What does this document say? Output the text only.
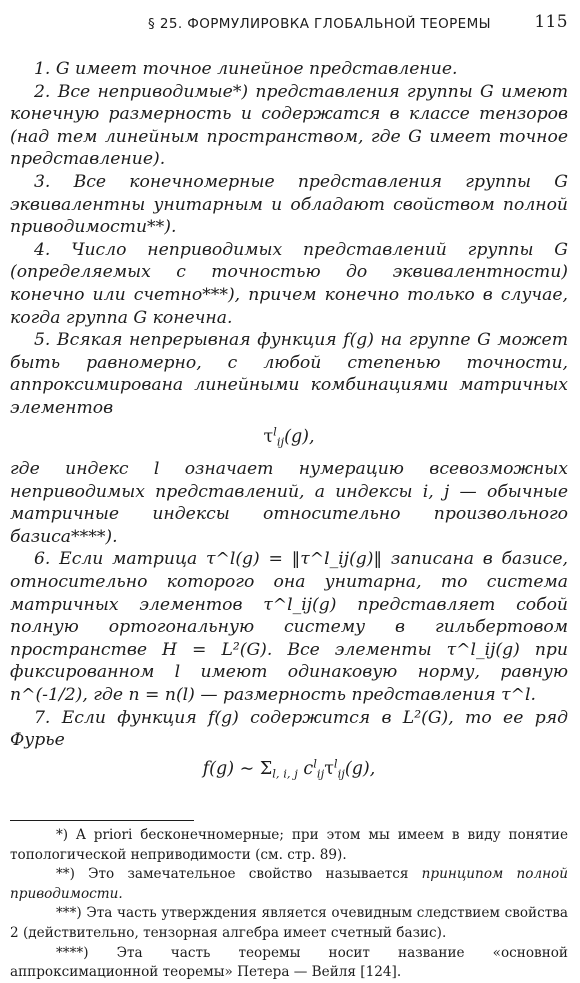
§ 25. ФОРМУЛИРОВКА ГЛОБАЛЬНОЙ ТЕОРЕМЫ	115

1. G имеет точное линейное представление.

2. Все неприводимые*) представления группы G имеют конечную размерность и содержатся в классе тензоров (над тем линейным пространством, где G имеет точное представление).

3. Все конечномерные представления группы G эквивалентны унитарным и обладают свойством полной приводимости**).

4. Число неприводимых представлений группы G (определяемых с точностью до эквивалентности) конечно или счетно***), причем конечно только в случае, когда группа G конечна.

5. Всякая непрерывная функция f(g) на группе G может быть равномерно, с любой степенью точности, аппроксимирована линейными комбинациями матричных элементов

$\tau^l_{ij}(g)$,

где индекс l означает нумерацию всевозможных неприводимых представлений, а индексы i, j — обычные матричные индексы относительно произвольного базиса****).

6. Если матрица τ^l(g) = ‖τ^l_ij(g)‖ записана в базисе, относительно которого она унитарна, то система матричных элементов τ^l_ij(g) представляет собой полную ортогональную систему в гильбертовом пространстве H = L²(G). Все элементы τ^l_ij(g) при фиксированном l имеют одинаковую норму, равную n^(-1/2), где n = n(l) — размерность представления τ^l.

7. Если функция f(g) содержится в L²(G), то ее ряд Фурье

f(g) ∼ $\Sigma_{l, i, j}$ $c^l_{ij}\tau^l_{ij}(g)$,

*) A priori бесконечномерные; при этом мы имеем в виду понятие топологической неприводимости (см. стр. 89).

**) Это замечательное свойство называется принципом полной приводимости.

***) Эта часть утверждения является очевидным следствием свойства 2 (действительно, тензорная алгебра имеет счетный базис).

****) Эта часть теоремы носит название «основной аппроксимационной теоремы» Петера — Вейля [124].
